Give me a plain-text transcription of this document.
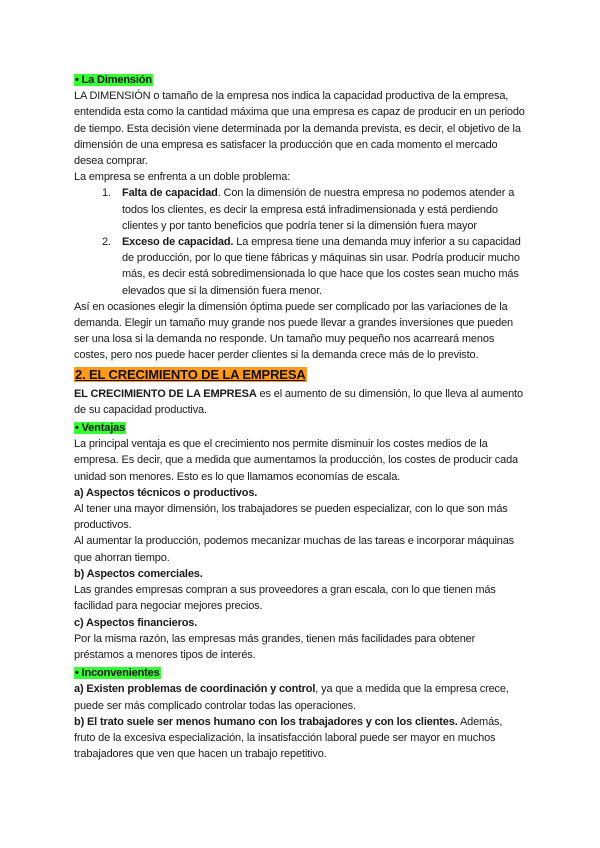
• La Dimensión

LA DIMENSIÓN o tamaño de la empresa nos indica la capacidad productiva de la empresa, entendida esta como la cantidad máxima que una empresa es capaz de producir en un periodo de tiempo. Esta decisión viene determinada por la demanda prevista, es decir, el objetivo de la dimensión de una empresa es satisfacer la producción que en cada momento el mercado desea comprar.

La empresa se enfrenta a un doble problema:

1. Falta de capacidad. Con la dimensión de nuestra empresa no podemos atender a todos los clientes, es decir la empresa está infradimensionada y está perdiendo clientes y por tanto beneficios que podría tener si la dimensión fuera mayor
2. Exceso de capacidad. La empresa tiene una demanda muy inferior a su capacidad de producción, por lo que tiene fábricas y máquinas sin usar. Podría producir mucho más, es decir está sobredimensionada lo que hace que los costes sean mucho más elevados que si la dimensión fuera menor.

Así en ocasiones elegir la dimensión óptima puede ser complicado por las variaciones de la demanda. Elegir un tamaño muy grande nos puede llevar a grandes inversiones que pueden ser una losa si la demanda no responde. Un tamaño muy pequeño nos acarreará menos costes, pero nos puede hacer perder clientes si la demanda crece más de lo previsto.

2. EL CRECIMIENTO DE LA EMPRESA

EL CRECIMIENTO DE LA EMPRESA es el aumento de su dimensión, lo que lleva al aumento de su capacidad productiva.

• Ventajas

La principal ventaja es que el crecimiento nos permite disminuir los costes medios de la empresa. Es decir, que a medida que aumentamos la producción, los costes de producir cada unidad son menores. Esto es lo que llamamos economías de escala.

a) Aspectos técnicos o productivos.

Al tener una mayor dimensión, los trabajadores se pueden especializar, con lo que son más productivos.

Al aumentar la producción, podemos mecanizar muchas de las tareas e incorporar máquinas que ahorran tiempo.

b) Aspectos comerciales.

Las grandes empresas compran a sus proveedores a gran escala, con lo que tienen más facilidad para negociar mejores precios.

c) Aspectos financieros.

Por la misma razón, las empresas más grandes, tienen más facilidades para obtener préstamos a menores tipos de interés.

• Inconvenientes

a) Existen problemas de coordinación y control, ya que a medida que la empresa crece, puede ser más complicado controlar todas las operaciones.

b) El trato suele ser menos humano con los trabajadores y con los clientes. Además, fruto de la excesiva especialización, la insatisfacción laboral puede ser mayor en muchos trabajadores que ven que hacen un trabajo repetitivo.
